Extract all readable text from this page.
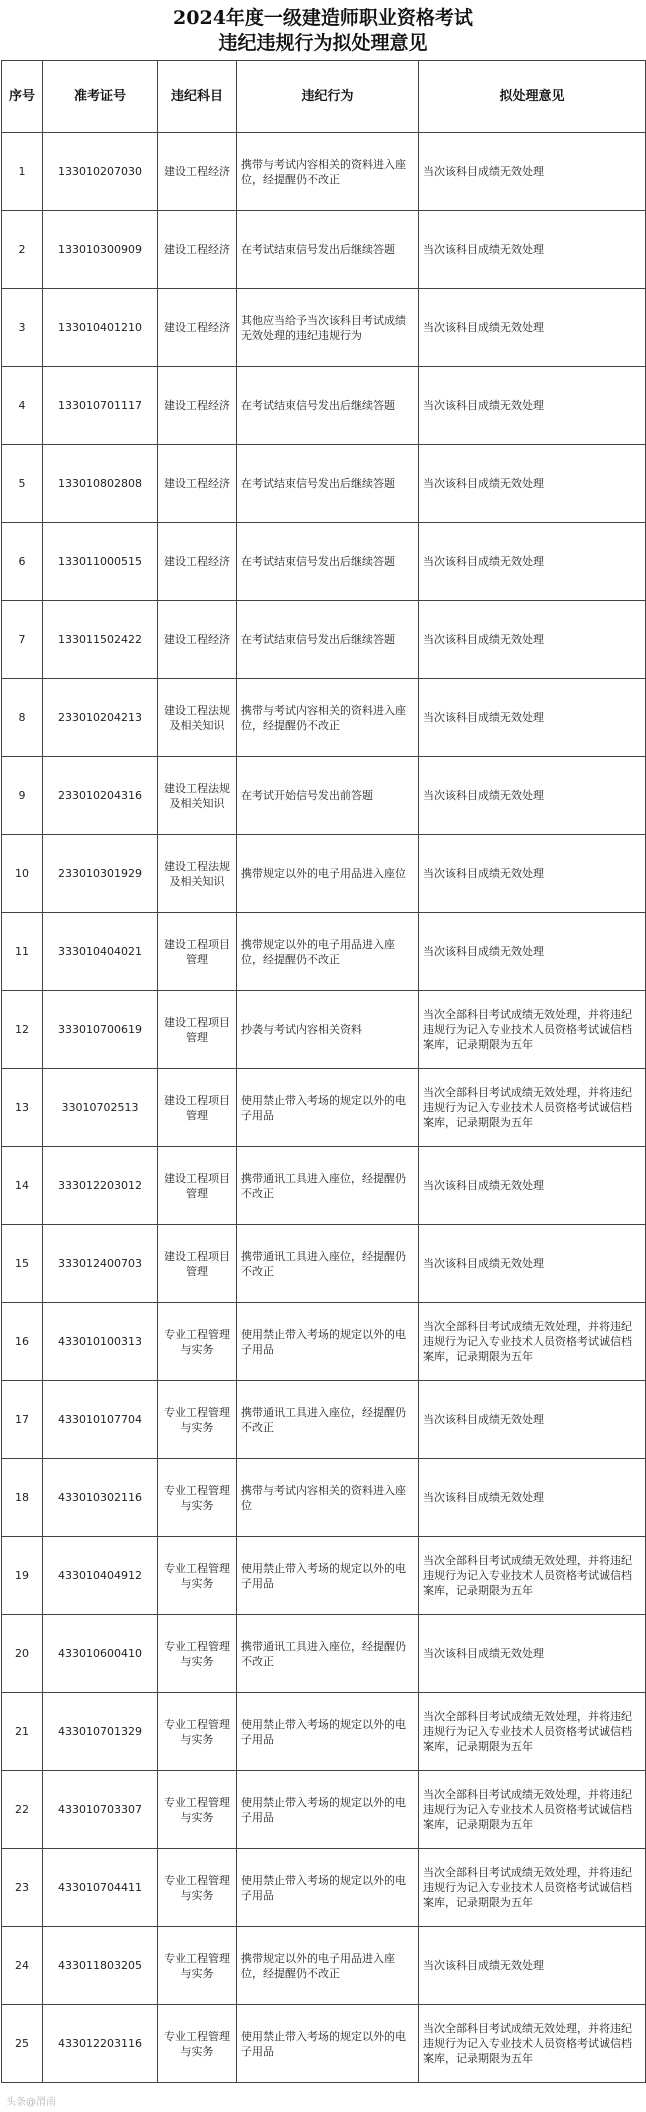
2024年度一级建造师职业资格考试
违纪违规行为拟处理意见
序号	准考证号	违纪科目	违纪行为	拟处理意见
1	133010207030	建设工程经济	携带与考试内容相关的资料进入座位，经提醒仍不改正	当次该科目成绩无效处理
2	133010300909	建设工程经济	在考试结束信号发出后继续答题	当次该科目成绩无效处理
3	133010401210	建设工程经济	其他应当给予当次该科目考试成绩无效处理的违纪违规行为	当次该科目成绩无效处理
4	133010701117	建设工程经济	在考试结束信号发出后继续答题	当次该科目成绩无效处理
5	133010802808	建设工程经济	在考试结束信号发出后继续答题	当次该科目成绩无效处理
6	133011000515	建设工程经济	在考试结束信号发出后继续答题	当次该科目成绩无效处理
7	133011502422	建设工程经济	在考试结束信号发出后继续答题	当次该科目成绩无效处理
8	233010204213	建设工程法规及相关知识	携带与考试内容相关的资料进入座位，经提醒仍不改正	当次该科目成绩无效处理
9	233010204316	建设工程法规及相关知识	在考试开始信号发出前答题	当次该科目成绩无效处理
10	233010301929	建设工程法规及相关知识	携带规定以外的电子用品进入座位	当次该科目成绩无效处理
11	333010404021	建设工程项目管理	携带规定以外的电子用品进入座位，经提醒仍不改正	当次该科目成绩无效处理
12	333010700619	建设工程项目管理	抄袭与考试内容相关资料	当次全部科目考试成绩无效处理，并将违纪违规行为记入专业技术人员资格考试诚信档案库，记录期限为五年
13	33010702513	建设工程项目管理	使用禁止带入考场的规定以外的电子用品	当次全部科目考试成绩无效处理，并将违纪违规行为记入专业技术人员资格考试诚信档案库，记录期限为五年
14	333012203012	建设工程项目管理	携带通讯工具进入座位，经提醒仍不改正	当次该科目成绩无效处理
15	333012400703	建设工程项目管理	携带通讯工具进入座位，经提醒仍不改正	当次该科目成绩无效处理
16	433010100313	专业工程管理与实务	使用禁止带入考场的规定以外的电子用品	当次全部科目考试成绩无效处理，并将违纪违规行为记入专业技术人员资格考试诚信档案库，记录期限为五年
17	433010107704	专业工程管理与实务	携带通讯工具进入座位，经提醒仍不改正	当次该科目成绩无效处理
18	433010302116	专业工程管理与实务	携带与考试内容相关的资料进入座位	当次该科目成绩无效处理
19	433010404912	专业工程管理与实务	使用禁止带入考场的规定以外的电子用品	当次全部科目考试成绩无效处理，并将违纪违规行为记入专业技术人员资格考试诚信档案库，记录期限为五年
20	433010600410	专业工程管理与实务	携带通讯工具进入座位，经提醒仍不改正	当次该科目成绩无效处理
21	433010701329	专业工程管理与实务	使用禁止带入考场的规定以外的电子用品	当次全部科目考试成绩无效处理，并将违纪违规行为记入专业技术人员资格考试诚信档案库，记录期限为五年
22	433010703307	专业工程管理与实务	使用禁止带入考场的规定以外的电子用品	当次全部科目考试成绩无效处理，并将违纪违规行为记入专业技术人员资格考试诚信档案库，记录期限为五年
23	433010704411	专业工程管理与实务	使用禁止带入考场的规定以外的电子用品	当次全部科目考试成绩无效处理，并将违纪违规行为记入专业技术人员资格考试诚信档案库，记录期限为五年
24	433011803205	专业工程管理与实务	携带规定以外的电子用品进入座位，经提醒仍不改正	当次该科目成绩无效处理
25	433012203116	专业工程管理与实务	使用禁止带入考场的规定以外的电子用品	当次全部科目考试成绩无效处理，并将违纪违规行为记入专业技术人员资格考试诚信档案库，记录期限为五年
头条@渭南
